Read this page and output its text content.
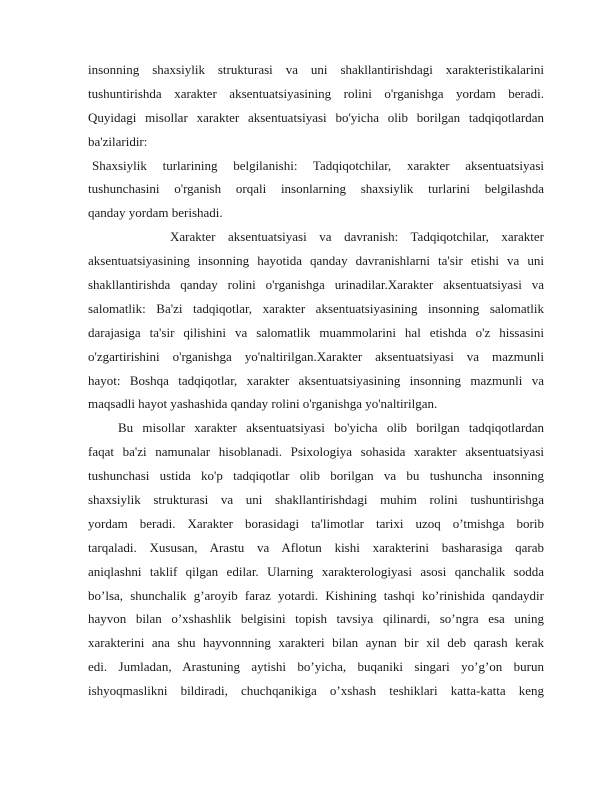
insonning shaxsiylik strukturasi va uni shakllantirishdagi xarakteristikalarini
tushuntirishda xarakter aksentuatsiyasining rolini o'rganishga yordam beradi.
Quyidagi misollar xarakter aksentuatsiyasi bo'yicha olib borilgan tadqiqotlardan
ba'zilaridir:

Shaxsiylik turlarining belgilanishi: Tadqiqotchilar, xarakter aksentuatsiyasi
tushunchasini o'rganish orqali insonlarning shaxsiylik turlarini belgilashda
qanday yordam berishadi.

Xarakter aksentuatsiyasi va davranish: Tadqiqotchilar, xarakter
aksentuatsiyasining insonning hayotida qanday davranishlarni ta'sir etishi va uni
shakllantirishda qanday rolini o'rganishga urinadilar.Xarakter aksentuatsiyasi va
salomatlik: Ba'zi tadqiqotlar, xarakter aksentuatsiyasining insonning salomatlik
darajasiga ta'sir qilishini va salomatlik muammolarini hal etishda o'z hissasini
o'zgartirishini o'rganishga yo'naltirilgan.Xarakter aksentuatsiyasi va mazmunli
hayot: Boshqa tadqiqotlar, xarakter aksentuatsiyasining insonning mazmunli va
maqsadli hayot yashashida qanday rolini o'rganishga yo'naltirilgan.

Bu misollar xarakter aksentuatsiyasi bo'yicha olib borilgan tadqiqotlardan
faqat ba'zi namunalar hisoblanadi. Psixologiya sohasida xarakter aksentuatsiyasi
tushunchasi ustida ko'p tadqiqotlar olib borilgan va bu tushuncha insonning
shaxsiylik strukturasi va uni shakllantirishdagi muhim rolini tushuntirishga
yordam beradi. Xarakter borasidagi ta'limotlar tarixi uzoq o’tmishga borib
tarqaladi. Xususan, Arastu va Aflotun kishi xarakterini basharasiga qarab
aniqlashni taklif qilgan edilar. Ularning xarakterologiyasi asosi qanchalik sodda
bo’lsa, shunchalik g’aroyib faraz yotardi. Kishining tashqi ko’rinishida qandaydir
hayvon bilan o’xshashlik belgisini topish tavsiya qilinardi, so’ngra esa uning
xarakterini ana shu hayvonnning xarakteri bilan aynan bir xil deb qarash kerak
edi. Jumladan, Arastuning aytishi bo’yicha, buqaniki singari yo’g’on burun
ishyoqmaslikni bildiradi, chuchqanikiga o’xshash teshiklari katta-katta keng
